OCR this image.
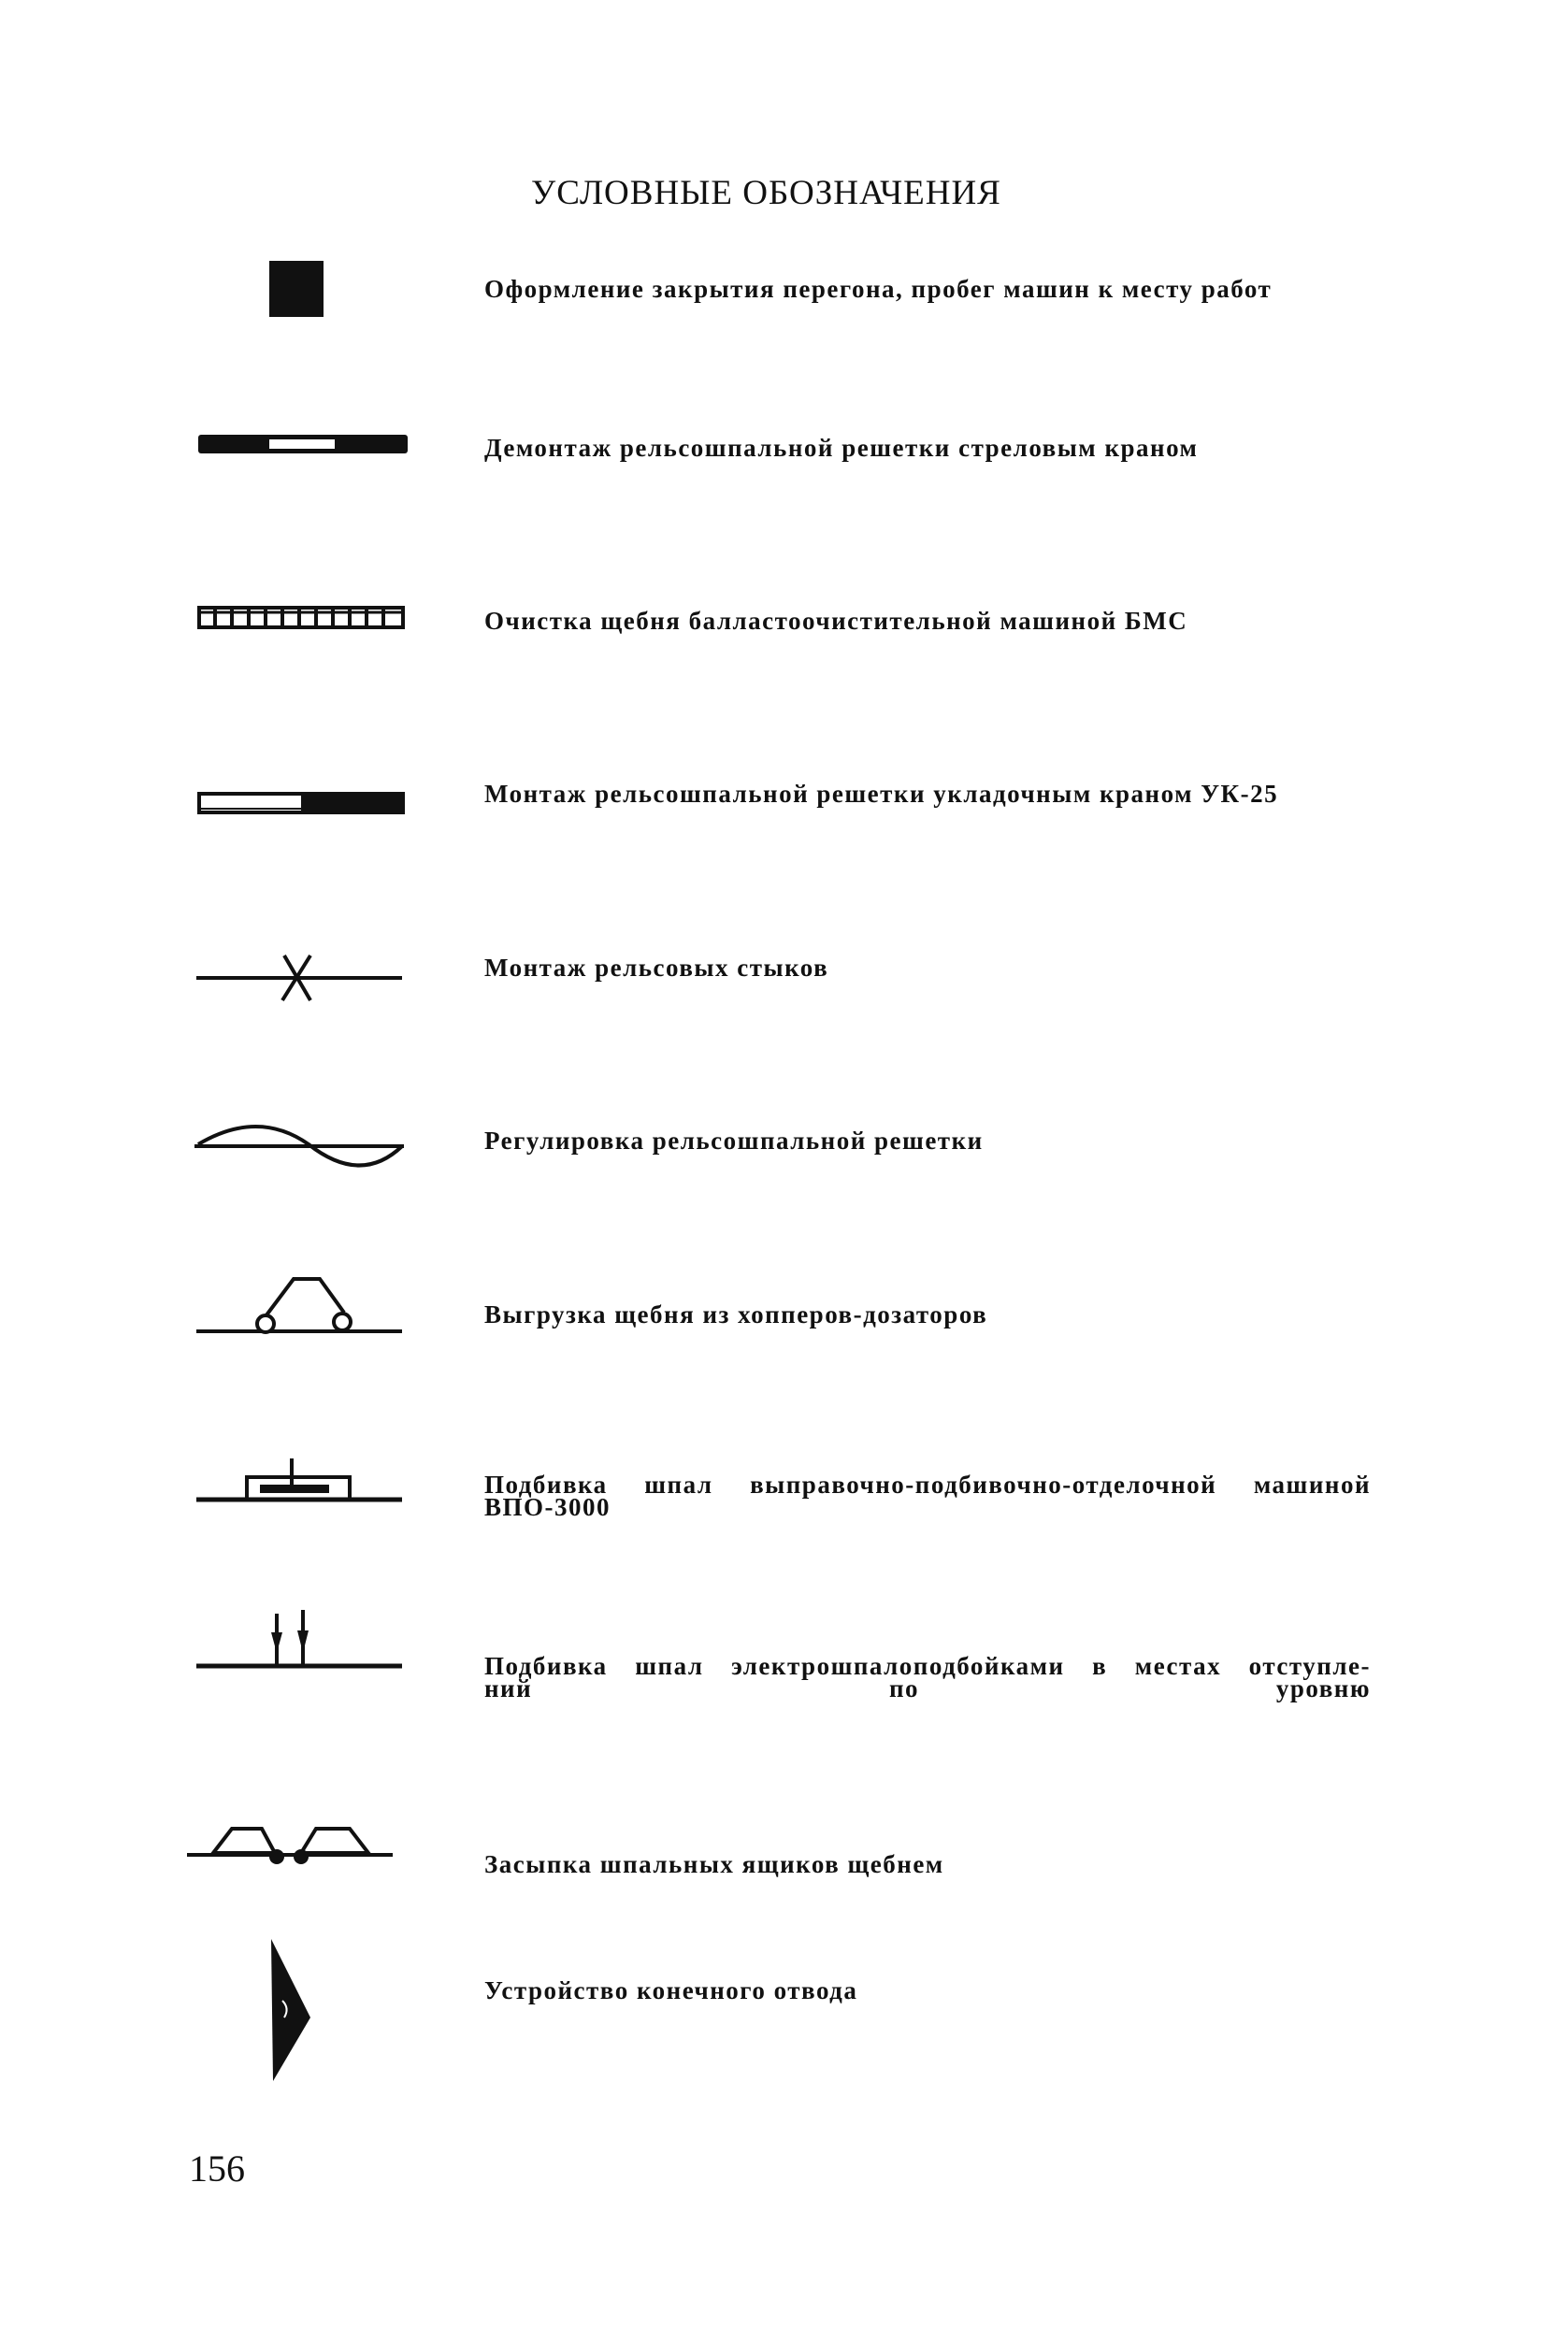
УСЛОВНЫЕ ОБОЗНАЧЕНИЯ
Оформление закрытия перегона, пробег машин к месту работ
Демонтаж рельсошпальной решетки стреловым краном
Очистка щебня балластоочистительной машиной БМС
Монтаж рельсошпальной решетки укладочным краном УК-25
Монтаж рельсовых стыков
Регулировка рельсошпальной решетки
Выгрузка щебня из хопперов-дозаторов
Подбивка шпал выправочно-подбивочно-отделочной машиной
ВПО-3000
Подбивка шпал электрошпалоподбойками в местах отступле-
ний по уровню
Засыпка шпальных ящиков щебнем
Устройство конечного отвода
156
